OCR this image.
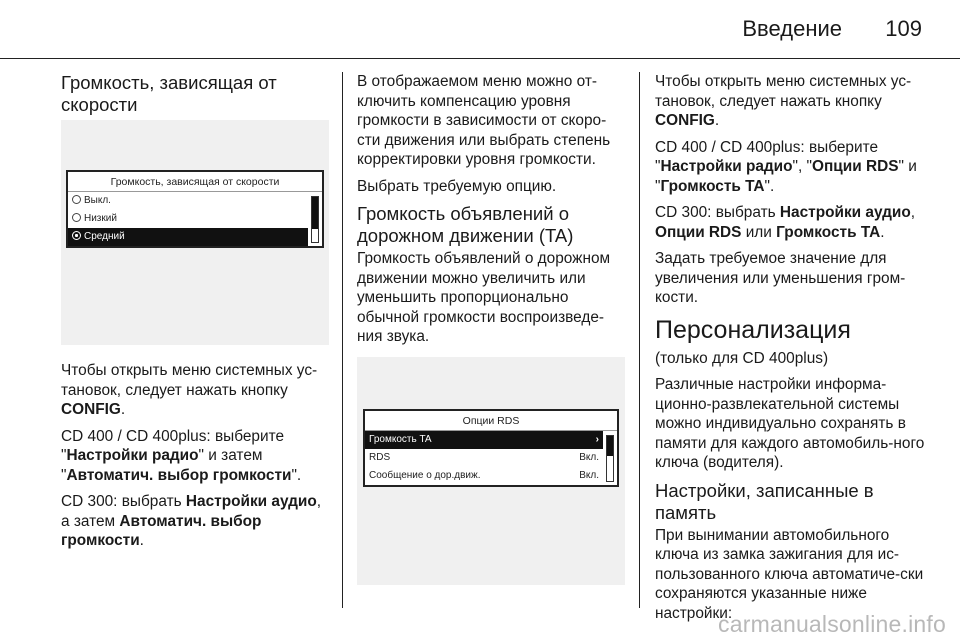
Введение 109
Громкость, зависящая от скорости
Громкость, зависящая от скорости
Выкл.
Низкий
Средний

Чтобы открыть меню системных ус-тановок, следует нажать кнопку CONFIG.

CD 400 / CD 400plus: выберите "Настройки радио" и затем "Автоматич. выбор громкости".

CD 300: выбрать Настройки аудио, а затем Автоматич. выбор громкости.

В отображаемом меню можно от-ключить компенсацию уровня громкости в зависимости от скоро-сти движения или выбрать степень корректировки уровня громкости.

Выбрать требуемую опцию.

Громкость объявлений о дорожном движении (TA)

Громкость объявлений о дорожном движении можно увеличить или уменьшить пропорционально обычной громкости воспроизведе-ния звука.

Опции RDS
Громкость TA	›
RDS	Вкл.
Сообщение о дор.движ.	Вкл.

Чтобы открыть меню системных ус-тановок, следует нажать кнопку CONFIG.

CD 400 / CD 400plus: выберите "Настройки радио", "Опции RDS" и "Громкость TA".

CD 300: выбрать Настройки аудио, Опции RDS или Громкость TA.

Задать требуемое значение для увеличения или уменьшения гром-кости.

Персонализация

(только для CD 400plus)

Различные настройки информа-ционно-развлекательной системы можно индивидуально сохранять в памяти для каждого автомобиль-ного ключа (водителя).

Настройки, записанные в память

При вынимании автомобильного ключа из замка зажигания для ис-пользованного ключа автоматиче-ски сохраняются указанные ниже настройки:

carmanualsonline.info
